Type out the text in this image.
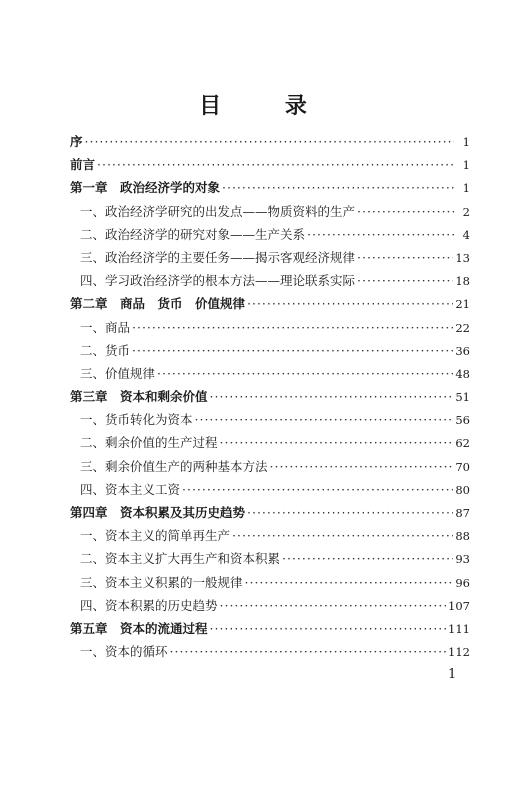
目 录
序 ·····	1
前言 ·····	1
第一章　政治经济学的对象 ·····	1
一、政治经济学研究的出发点——物质资料的生产 ·····	2
二、政治经济学的研究对象——生产关系 ·····	4
三、政治经济学的主要任务——揭示客观经济规律 ·····	13
四、学习政治经济学的根本方法——理论联系实际 ·····	18
第二章　商品　货币　价值规律 ·····	21
一、商品 ·····	22
二、货币 ·····	36
三、价值规律 ·····	48
第三章　资本和剩余价值 ·····	51
一、货币转化为资本 ·····	56
二、剩余价值的生产过程 ·····	62
三、剩余价值生产的两种基本方法 ·····	70
四、资本主义工资 ·····	80
第四章　资本积累及其历史趋势 ·····	87
一、资本主义的简单再生产 ·····	88
二、资本主义扩大再生产和资本积累 ·····	93
三、资本主义积累的一般规律 ·····	96
四、资本积累的历史趋势 ·····	107
第五章　资本的流通过程 ·····	111
一、资本的循环 ·····	112
1
